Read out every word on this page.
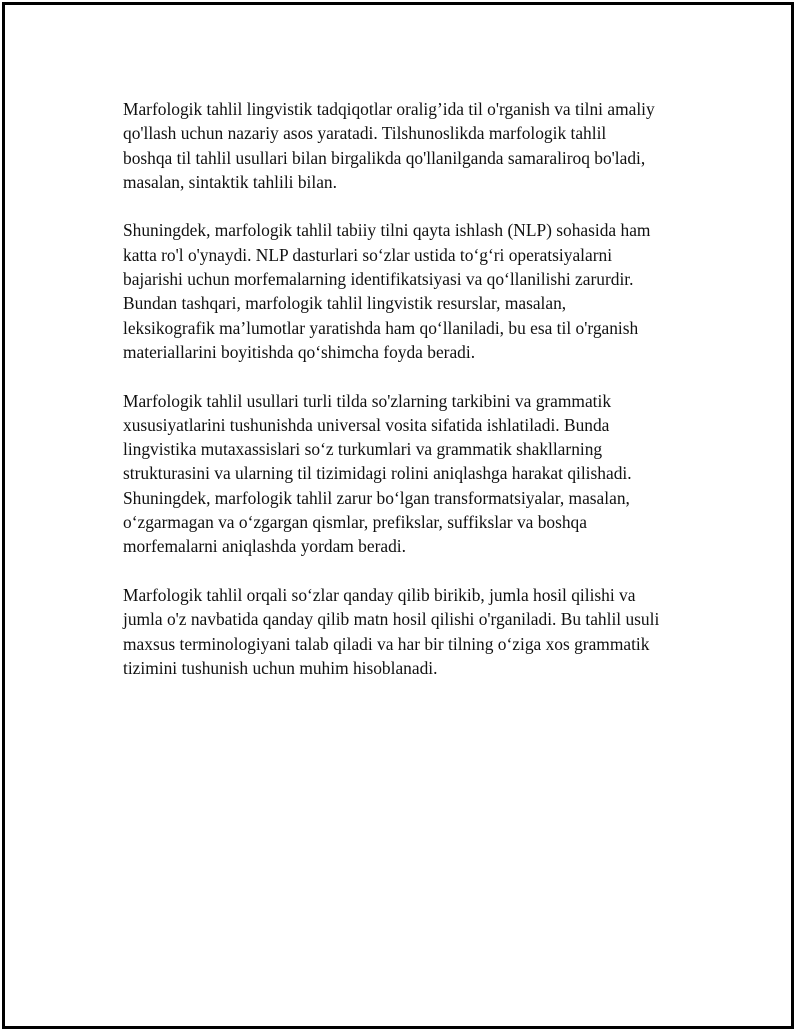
Marfologik tahlil lingvistik tadqiqotlar oralig’ida til o'rganish va tilni amaliy
qo'llash uchun nazariy asos yaratadi. Tilshunoslikda marfologik tahlil
boshqa til tahlil usullari bilan birgalikda qo'llanilganda samaraliroq bo'ladi,
masalan, sintaktik tahlili bilan.

Shuningdek, marfologik tahlil tabiiy tilni qayta ishlash (NLP) sohasida ham
katta ro'l o'ynaydi. NLP dasturlari so‘zlar ustida to‘g‘ri operatsiyalarni
bajarishi uchun morfemalarning identifikatsiyasi va qo‘llanilishi zarurdir.
Bundan tashqari, marfologik tahlil lingvistik resurslar, masalan,
leksikografik ma’lumotlar yaratishda ham qo‘llaniladi, bu esa til o'rganish
materiallarini boyitishda qo‘shimcha foyda beradi.

Marfologik tahlil usullari turli tilda so'zlarning tarkibini va grammatik
xususiyatlarini tushunishda universal vosita sifatida ishlatiladi. Bunda
lingvistika mutaxassislari so‘z turkumlari va grammatik shakllarning
strukturasini va ularning til tizimidagi rolini aniqlashga harakat qilishadi.
Shuningdek, marfologik tahlil zarur bo‘lgan transformatsiyalar, masalan,
o‘zgarmagan va o‘zgargan qismlar, prefikslar, suffikslar va boshqa
morfemalarni aniqlashda yordam beradi.

Marfologik tahlil orqali so‘zlar qanday qilib birikib, jumla hosil qilishi va
jumla o'z navbatida qanday qilib matn hosil qilishi o'rganiladi. Bu tahlil usuli
maxsus terminologiyani talab qiladi va har bir tilning o‘ziga xos grammatik
tizimini tushunish uchun muhim hisoblanadi.
